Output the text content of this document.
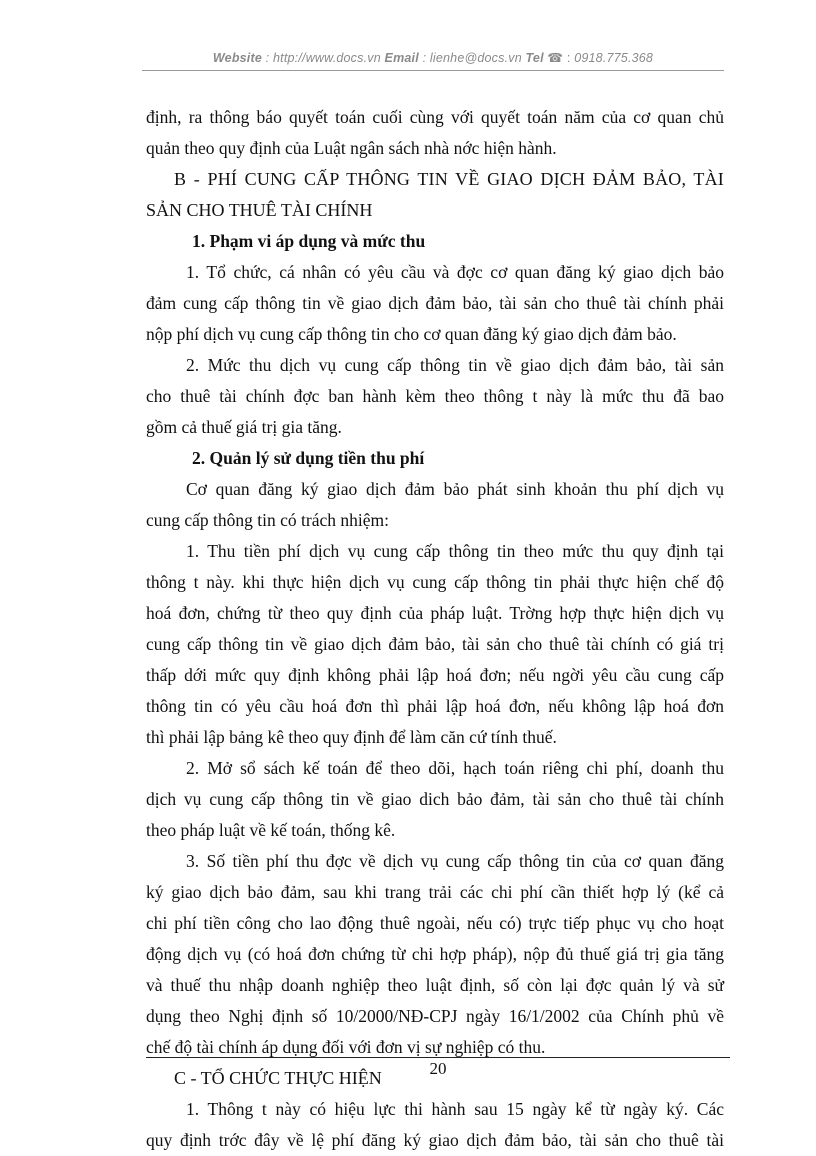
Website : http://www.docs.vn Email : lienhe@docs.vn Tel ☎ : 0918.775.368
định, ra thông báo quyết toán cuối cùng với quyết toán năm của cơ quan chủ
quản theo quy định của Luật ngân sách nhà nớc hiện hành.
B - PHÍ CUNG CẤP THÔNG TIN VỀ GIAO DỊCH ĐẢM BẢO, TÀI
SẢN CHO THUÊ TÀI CHÍNH
1. Phạm vi áp dụng và mức thu
1. Tổ chức, cá nhân có yêu cầu và đợc cơ quan đăng ký giao dịch bảo
đảm cung cấp thông tin về giao dịch đảm bảo, tài sản cho thuê tài chính phải
nộp phí dịch vụ cung cấp thông tin cho cơ quan đăng ký giao dịch đảm bảo.
2. Mức thu dịch vụ cung cấp thông tin về giao dịch đảm bảo, tài sản
cho thuê tài chính đợc ban hành kèm theo thông t này là mức thu đã bao
gồm cả thuế giá trị gia tăng.
2. Quản lý sử dụng tiền thu phí
Cơ quan đăng ký giao dịch đảm bảo phát sinh khoản thu phí dịch vụ
cung cấp thông tin có trách nhiệm:
1. Thu tiền phí dịch vụ cung cấp thông tin theo mức thu quy định tại
thông t này. khi thực hiện dịch vụ cung cấp thông tin phải thực hiện chế độ
hoá đơn, chứng từ theo quy định của pháp luật. Trờng hợp thực hiện dịch vụ
cung cấp thông tin về giao dịch đảm bảo, tài sản cho thuê tài chính có giá trị
thấp dới mức quy định không phải lập hoá đơn; nếu ngời yêu cầu cung cấp
thông tin có yêu cầu hoá đơn thì phải lập hoá đơn, nếu không lập hoá đơn
thì phải lập bảng kê theo quy định để làm căn cứ tính thuế.
2. Mở sổ sách kế toán để theo dõi, hạch toán riêng chi phí, doanh thu
dịch vụ cung cấp thông tin về giao dich bảo đảm, tài sản cho thuê tài chính
theo pháp luật về kế toán, thống kê.
3. Số tiền phí thu đợc về dịch vụ cung cấp thông tin của cơ quan đăng
ký giao dịch bảo đảm, sau khi trang trải các chi phí cần thiết hợp lý (kể cả
chi phí tiền công cho lao động thuê ngoài, nếu có) trực tiếp phục vụ cho hoạt
động dịch vụ (có hoá đơn chứng từ chi hợp pháp), nộp đủ thuế giá trị gia tăng
và thuế thu nhập doanh nghiệp theo luật định, số còn lại đợc quản lý và sử
dụng theo Nghị định số 10/2000/NĐ-CPJ ngày 16/1/2002 của Chính phủ về
chế độ tài chính áp dụng đối với đơn vị sự nghiệp có thu.
C - TỔ CHỨC THỰC HIỆN
1. Thông t này có hiệu lực thi hành sau 15 ngày kể từ ngày ký. Các
quy định trớc đây về lệ phí đăng ký giao dịch đảm bảo, tài sản cho thuê tài
20
